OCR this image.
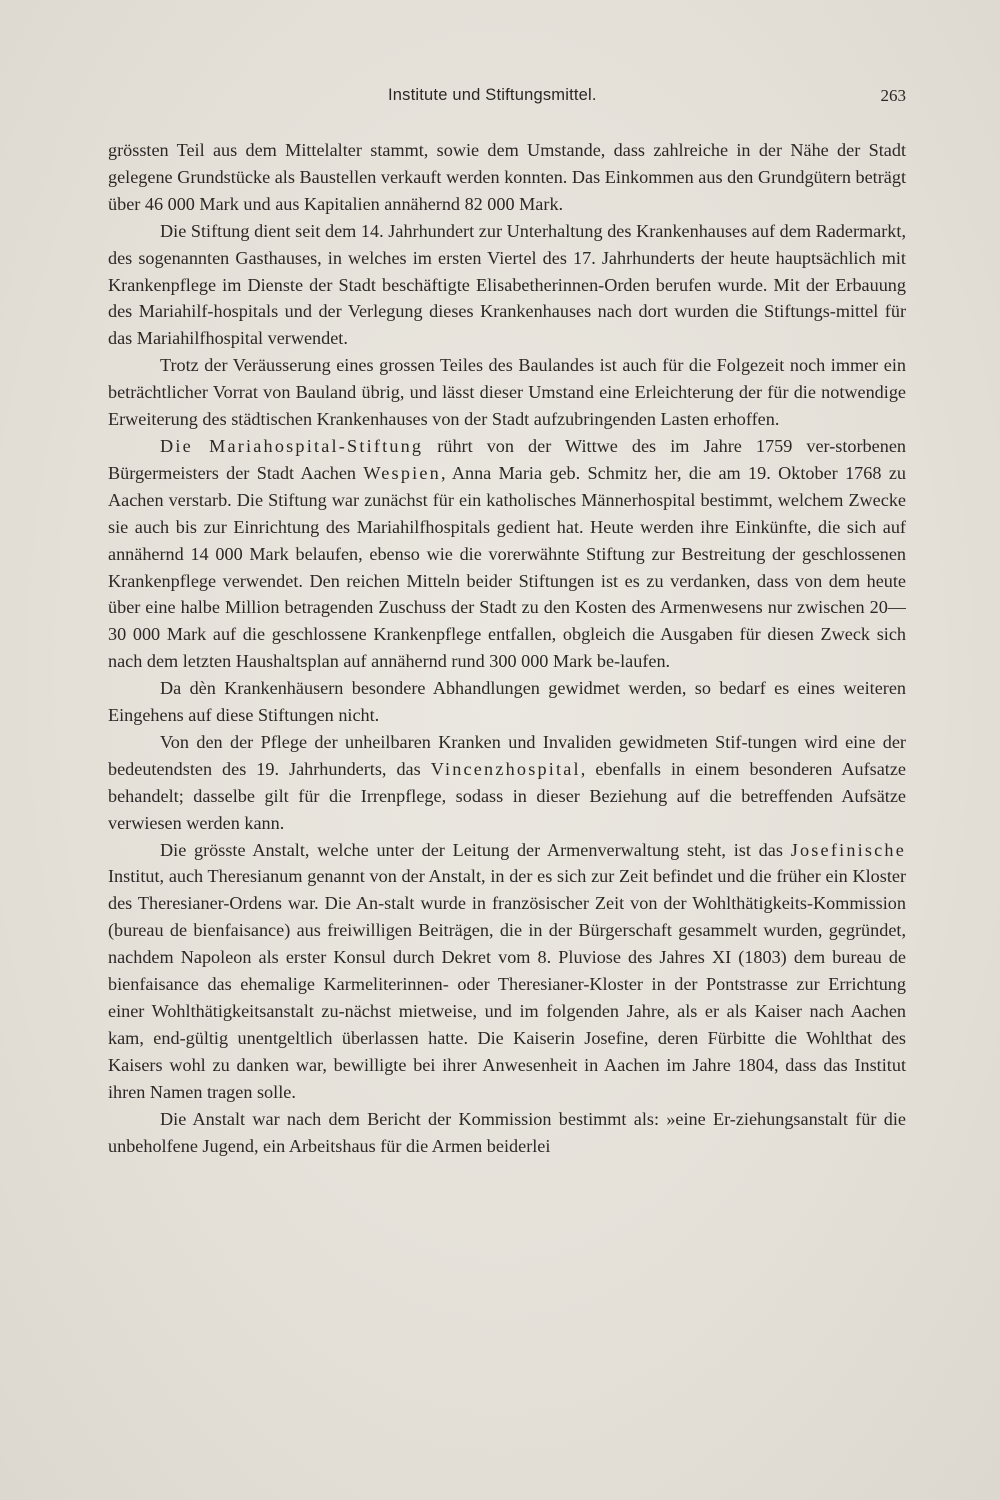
Institute und Stiftungsmittel.	263

grössten Teil aus dem Mittelalter stammt, sowie dem Umstande, dass zahlreiche in der Nähe der Stadt gelegene Grundstücke als Baustellen verkauft werden konnten. Das Einkommen aus den Grundgütern beträgt über 46 000 Mark und aus Kapitalien annähernd 82 000 Mark.

Die Stiftung dient seit dem 14. Jahrhundert zur Unterhaltung des Krankenhauses auf dem Radermarkt, des sogenannten Gasthauses, in welches im ersten Viertel des 17. Jahrhunderts der heute hauptsächlich mit Krankenpflege im Dienste der Stadt beschäftigte Elisabetherinnen-Orden berufen wurde. Mit der Erbauung des Mariahilf-hospitals und der Verlegung dieses Krankenhauses nach dort wurden die Stiftungs-mittel für das Mariahilfhospital verwendet.

Trotz der Veräusserung eines grossen Teiles des Baulandes ist auch für die Folgezeit noch immer ein beträchtlicher Vorrat von Bauland übrig, und lässt dieser Umstand eine Erleichterung der für die notwendige Erweiterung des städtischen Krankenhauses von der Stadt aufzubringenden Lasten erhoffen.

Die Mariahospital-Stiftung rührt von der Wittwe des im Jahre 1759 ver-storbenen Bürgermeisters der Stadt Aachen Wespien, Anna Maria geb. Schmitz her, die am 19. Oktober 1768 zu Aachen verstarb. Die Stiftung war zunächst für ein katholisches Männerhospital bestimmt, welchem Zwecke sie auch bis zur Einrichtung des Mariahilfhospitals gedient hat. Heute werden ihre Einkünfte, die sich auf annähernd 14 000 Mark belaufen, ebenso wie die vorerwähnte Stiftung zur Bestreitung der geschlossenen Krankenpflege verwendet. Den reichen Mitteln beider Stiftungen ist es zu verdanken, dass von dem heute über eine halbe Million betragenden Zuschuss der Stadt zu den Kosten des Armenwesens nur zwischen 20—30 000 Mark auf die geschlossene Krankenpflege entfallen, obgleich die Ausgaben für diesen Zweck sich nach dem letzten Haushaltsplan auf annähernd rund 300 000 Mark be-laufen.

Da dèn Krankenhäusern besondere Abhandlungen gewidmet werden, so bedarf es eines weiteren Eingehens auf diese Stiftungen nicht.

Von den der Pflege der unheilbaren Kranken und Invaliden gewidmeten Stif-tungen wird eine der bedeutendsten des 19. Jahrhunderts, das Vincenzhospital, ebenfalls in einem besonderen Aufsatze behandelt; dasselbe gilt für die Irrenpflege, sodass in dieser Beziehung auf die betreffenden Aufsätze verwiesen werden kann.

Die grösste Anstalt, welche unter der Leitung der Armenverwaltung steht, ist das Josefinische Institut, auch Theresianum genannt von der Anstalt, in der es sich zur Zeit befindet und die früher ein Kloster des Theresianer-Ordens war. Die An-stalt wurde in französischer Zeit von der Wohlthätigkeits-Kommission (bureau de bienfaisance) aus freiwilligen Beiträgen, die in der Bürgerschaft gesammelt wurden, gegründet, nachdem Napoleon als erster Konsul durch Dekret vom 8. Pluviose des Jahres XI (1803) dem bureau de bienfaisance das ehemalige Karmeliterinnen- oder Theresianer-Kloster in der Pontstrasse zur Errichtung einer Wohlthätigkeitsanstalt zu-nächst mietweise, und im folgenden Jahre, als er als Kaiser nach Aachen kam, end-gültig unentgeltlich überlassen hatte. Die Kaiserin Josefine, deren Fürbitte die Wohlthat des Kaisers wohl zu danken war, bewilligte bei ihrer Anwesenheit in Aachen im Jahre 1804, dass das Institut ihren Namen tragen solle.

Die Anstalt war nach dem Bericht der Kommission bestimmt als: »eine Er-ziehungsanstalt für die unbeholfene Jugend, ein Arbeitshaus für die Armen beiderlei
